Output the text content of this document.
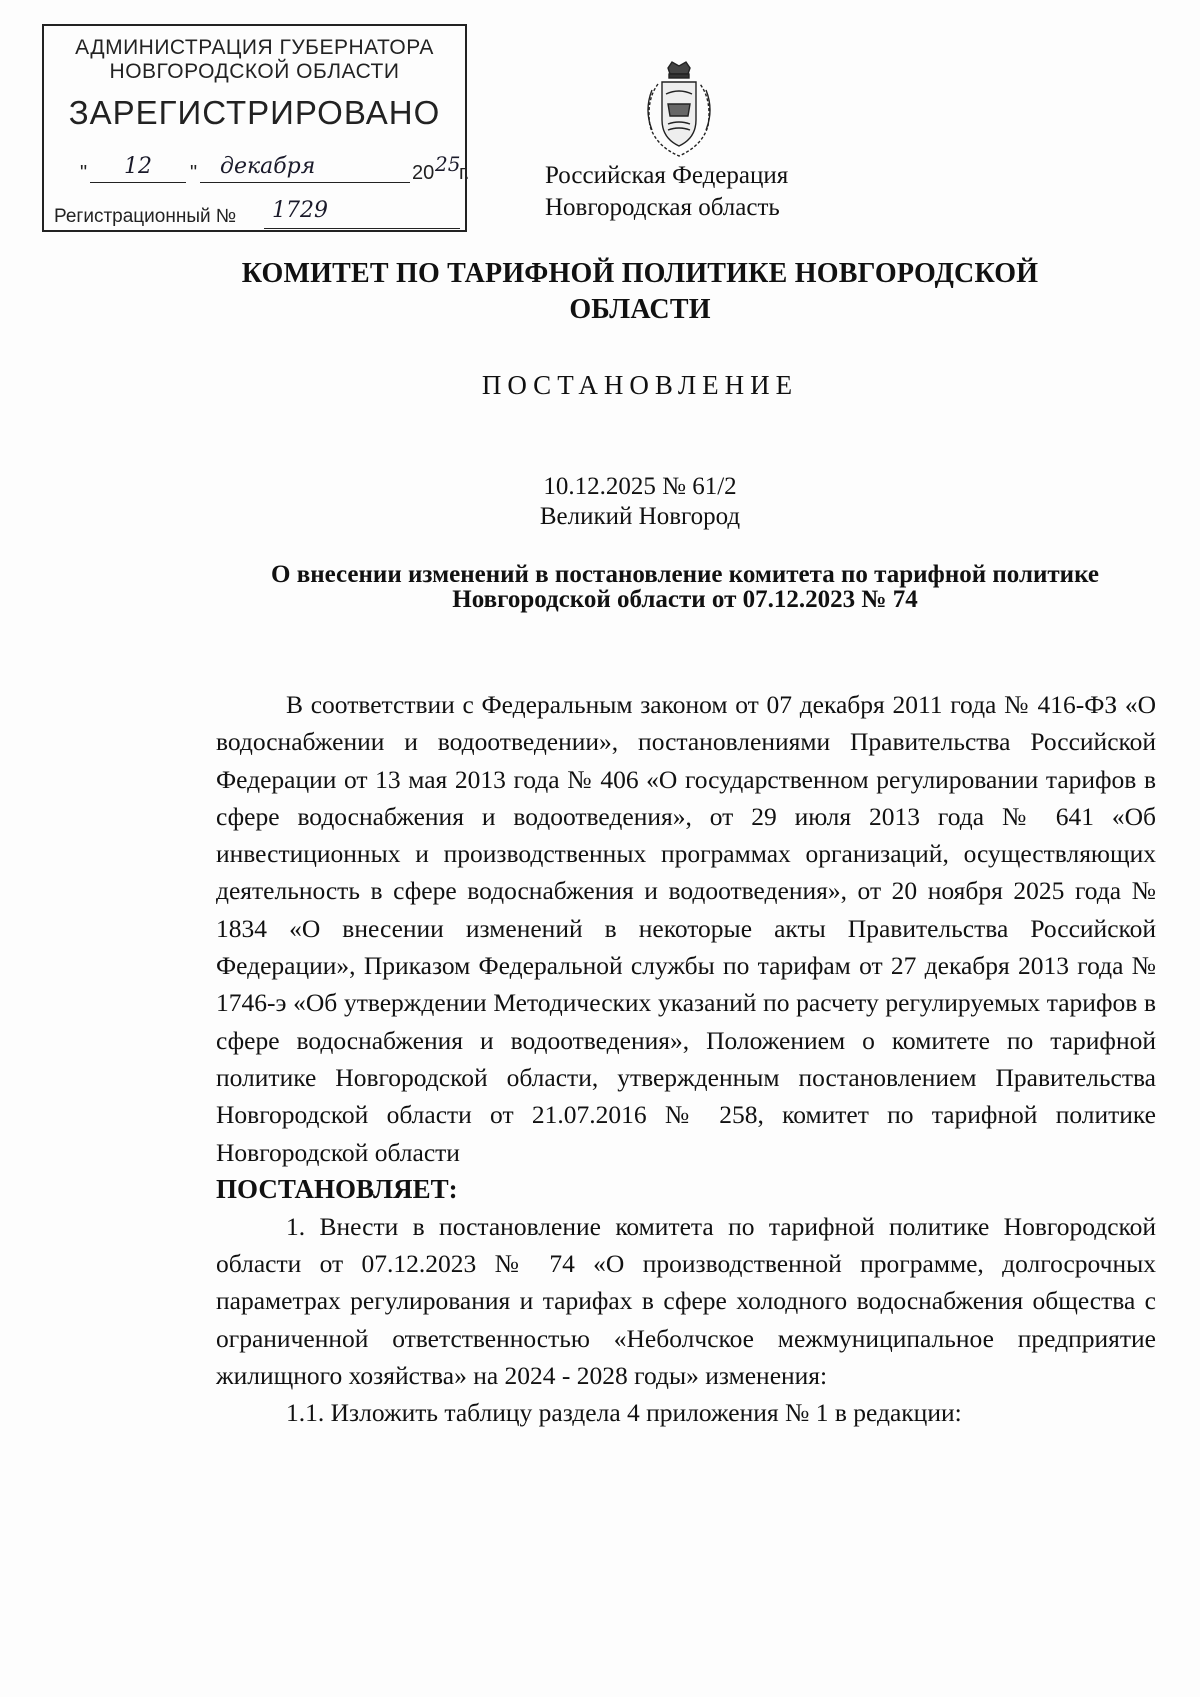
АДМИНИСТРАЦИЯ ГУБЕРНАТОРА
НОВГОРОДСКОЙ ОБЛАСТИ
ЗАРЕГИСТРИРОВАНО
"	12	"	декабря	20 25
г.
Регистрационный № 1729
Российская Федерация
Новгородская область
КОМИТЕТ ПО ТАРИФНОЙ ПОЛИТИКЕ НОВГОРОДСКОЙ
ОБЛАСТИ
ПОСТАНОВЛЕНИЕ
10.12.2025 № 61/2
Великий Новгород
О внесении изменений в постановление комитета по тарифной политике
Новгородской области от 07.12.2023 № 74

В соответствии с Федеральным законом от 07 декабря 2011 года № 416-ФЗ «О водоснабжении и водоотведении», постановлениями Правительства Российской Федерации от 13 мая 2013 года № 406 «О государственном регулировании тарифов в сфере водоснабжения и водоотведения», от 29 июля 2013 года № 641 «Об инвестиционных и производственных программах организаций, осуществляющих деятельность в сфере водоснабжения и водоотведения», от 20 ноября 2025 года № 1834 «О внесении изменений в некоторые акты Правительства Российской Федерации», Приказом Федеральной службы по тарифам от 27 декабря 2013 года № 1746-э «Об утверждении Методических указаний по расчету регулируемых тарифов в сфере водоснабжения и водоотведения», Положением о комитете по тарифной политике Новгородской области, утвержденным постановлением Правительства Новгородской области от 21.07.2016 № 258, комитет по тарифной политике Новгородской области

ПОСТАНОВЛЯЕТ:

1. Внести в постановление комитета по тарифной политике Новгородской области от 07.12.2023 № 74 «О производственной программе, долгосрочных параметрах регулирования и тарифах в сфере холодного водоснабжения общества с ограниченной ответственностью «Неболчское межмуниципальное предприятие жилищного хозяйства» на 2024 - 2028 годы» изменения:

1.1. Изложить таблицу раздела 4 приложения № 1 в редакции:
